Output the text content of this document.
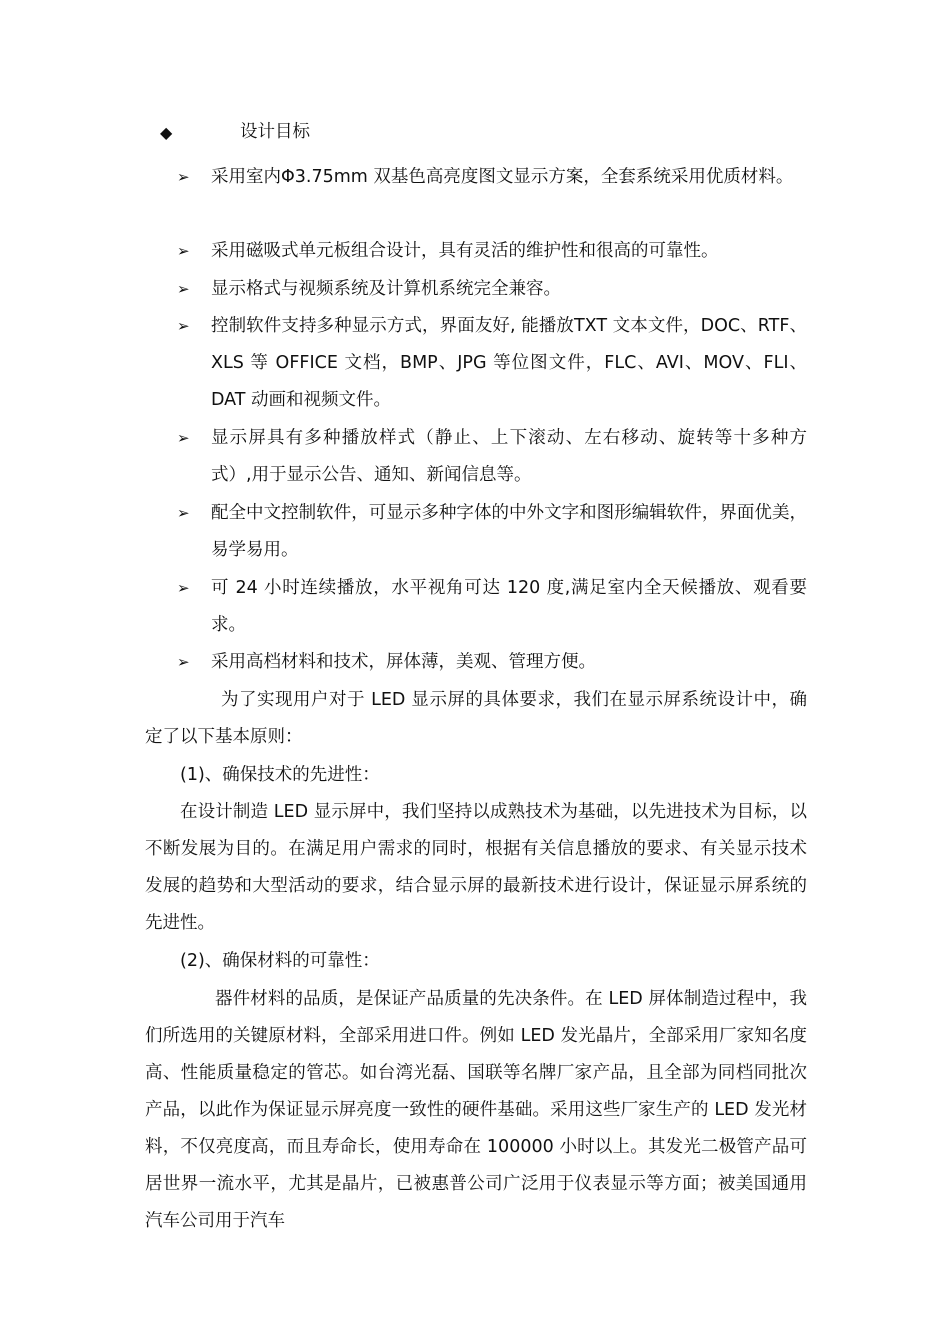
◆	设计目标
➢ 采用室内Φ3.75mm 双基色高亮度图文显示方案，全套系统采用优质材料。
➢ 采用磁吸式单元板组合设计，具有灵活的维护性和很高的可靠性。
➢ 显示格式与视频系统及计算机系统完全兼容。
➢ 控制软件支持多种显示方式，界面友好, 能播放TXT 文本文件，DOC、RTF、XLS 等 OFFICE 文档，BMP、JPG 等位图文件，FLC、AVI、MOV、FLI、DAT 动画和视频文件。
➢ 显示屏具有多种播放样式（静止、上下滚动、左右移动、旋转等十多种方式）,用于显示公告、通知、新闻信息等。
➢ 配全中文控制软件，可显示多种字体的中外文字和图形编辑软件，界面优美，易学易用。
➢ 可 24 小时连续播放，水平视角可达 120 度,满足室内全天候播放、观看要求。
➢ 采用高档材料和技术，屏体薄，美观、管理方便。
为了实现用户对于 LED 显示屏的具体要求，我们在显示屏系统设计中，确定了以下基本原则：
(1)、确保技术的先进性：
在设计制造 LED 显示屏中，我们坚持以成熟技术为基础，以先进技术为目标，以不断发展为目的。在满足用户需求的同时，根据有关信息播放的要求、有关显示技术发展的趋势和大型活动的要求，结合显示屏的最新技术进行设计，保证显示屏系统的先进性。
(2)、确保材料的可靠性：
器件材料的品质，是保证产品质量的先决条件。在 LED 屏体制造过程中，我们所选用的关键原材料，全部采用进口件。例如 LED 发光晶片，全部采用厂家知名度高、性能质量稳定的管芯。如台湾光磊、国联等名牌厂家产品，且全部为同档同批次产品，以此作为保证显示屏亮度一致性的硬件基础。采用这些厂家生产的 LED 发光材料，不仅亮度高，而且寿命长，使用寿命在 100000 小时以上。其发光二极管产品可居世界一流水平，尤其是晶片，已被惠普公司广泛用于仪表显示等方面；被美国通用汽车公司用于汽车
